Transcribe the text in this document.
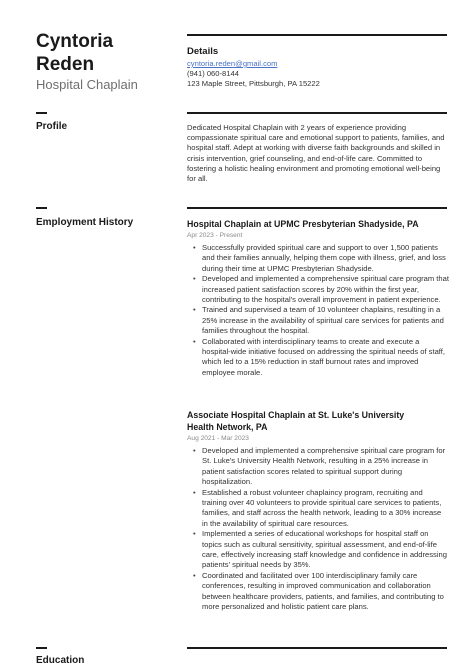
Cyntoria
Reden
Hospital Chaplain
Details
cyntoria.reden@gmail.com
(941) 060-8144
123 Maple Street, Pittsburgh, PA 15222
Profile	Dedicated Hospital Chaplain with 2 years of experience providing compassionate spiritual care and emotional support to patients, families, and hospital staff. Adept at working with diverse faith backgrounds and skilled in crisis intervention, grief counseling, and end-of-life care. Committed to fostering a holistic healing environment and promoting emotional well-being for all.
Employment History	Hospital Chaplain at UPMC Presbyterian Shadyside, PA
Apr 2023 - Present
• Successfully provided spiritual care and support to over 1,500 patients and their families annually, helping them cope with illness, grief, and loss during their time at UPMC Presbyterian Shadyside.
• Developed and implemented a comprehensive spiritual care program that increased patient satisfaction scores by 20% within the first year, contributing to the hospital's overall improvement in patient experience.
• Trained and supervised a team of 10 volunteer chaplains, resulting in a 25% increase in the availability of spiritual care services for patients and families throughout the hospital.
• Collaborated with interdisciplinary teams to create and execute a hospital-wide initiative focused on addressing the spiritual needs of staff, which led to a 15% reduction in staff burnout rates and improved employee morale.
Associate Hospital Chaplain at St. Luke's University Health Network, PA
Aug 2021 - Mar 2023
• Developed and implemented a comprehensive spiritual care program for St. Luke's University Health Network, resulting in a 25% increase in patient satisfaction scores related to spiritual support during hospitalization.
• Established a robust volunteer chaplaincy program, recruiting and training over 40 volunteers to provide spiritual care services to patients, families, and staff across the health network, leading to a 30% increase in the availability of spiritual care resources.
• Implemented a series of educational workshops for hospital staff on topics such as cultural sensitivity, spiritual assessment, and end-of-life care, effectively increasing staff knowledge and confidence in addressing patients' spiritual needs by 35%.
• Coordinated and facilitated over 100 interdisciplinary family care conferences, resulting in improved communication and collaboration between healthcare providers, patients, and families, and contributing to more personalized and holistic patient care plans.
Education
